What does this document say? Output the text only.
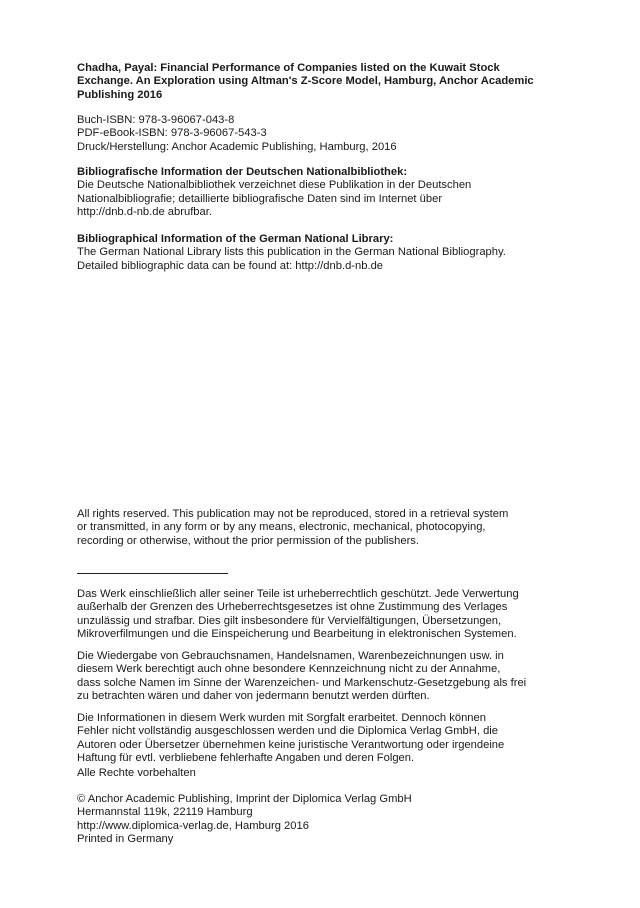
Chadha, Payal: Financial Performance of Companies listed on the Kuwait Stock

Exchange. An Exploration using Altman's Z-Score Model, Hamburg, Anchor Academic

Publishing 2016

Buch-ISBN: 978-3-96067-043-8

PDF-eBook-ISBN: 978-3-96067-543-3

Druck/Herstellung: Anchor Academic Publishing, Hamburg, 2016

Bibliografische Information der Deutschen Nationalbibliothek:

Die Deutsche Nationalbibliothek verzeichnet diese Publikation in der Deutschen

Nationalbibliografie; detaillierte bibliografische Daten sind im Internet über

http://dnb.d-nb.de abrufbar.

Bibliographical Information of the German National Library:

The German National Library lists this publication in the German National Bibliography.

Detailed bibliographic data can be found at: http://dnb.d-nb.de

All rights reserved. This publication may not be reproduced, stored in a retrieval system

or transmitted, in any form or by any means, electronic, mechanical, photocopying,

recording or otherwise, without the prior permission of the publishers.

Das Werk einschließlich aller seiner Teile ist urheberrechtlich geschützt. Jede Verwertung

außerhalb der Grenzen des Urheberrechtsgesetzes ist ohne Zustimmung des Verlages

unzulässig und strafbar. Dies gilt insbesondere für Vervielfältigungen, Übersetzungen,

Mikroverfilmungen und die Einspeicherung und Bearbeitung in elektronischen Systemen.

Die Wiedergabe von Gebrauchsnamen, Handelsnamen, Warenbezeichnungen usw. in

diesem Werk berechtigt auch ohne besondere Kennzeichnung nicht zu der Annahme,

dass solche Namen im Sinne der Warenzeichen- und Markenschutz-Gesetzgebung als frei

zu betrachten wären und daher von jedermann benutzt werden dürften.

Die Informationen in diesem Werk wurden mit Sorgfalt erarbeitet. Dennoch können

Fehler nicht vollständig ausgeschlossen werden und die Diplomica Verlag GmbH, die

Autoren oder Übersetzer übernehmen keine juristische Verantwortung oder irgendeine

Haftung für evtl. verbliebene fehlerhafte Angaben und deren Folgen.

Alle Rechte vorbehalten

© Anchor Academic Publishing, Imprint der Diplomica Verlag GmbH

Hermannstal 119k, 22119 Hamburg

http://www.diplomica-verlag.de, Hamburg 2016

Printed in Germany
